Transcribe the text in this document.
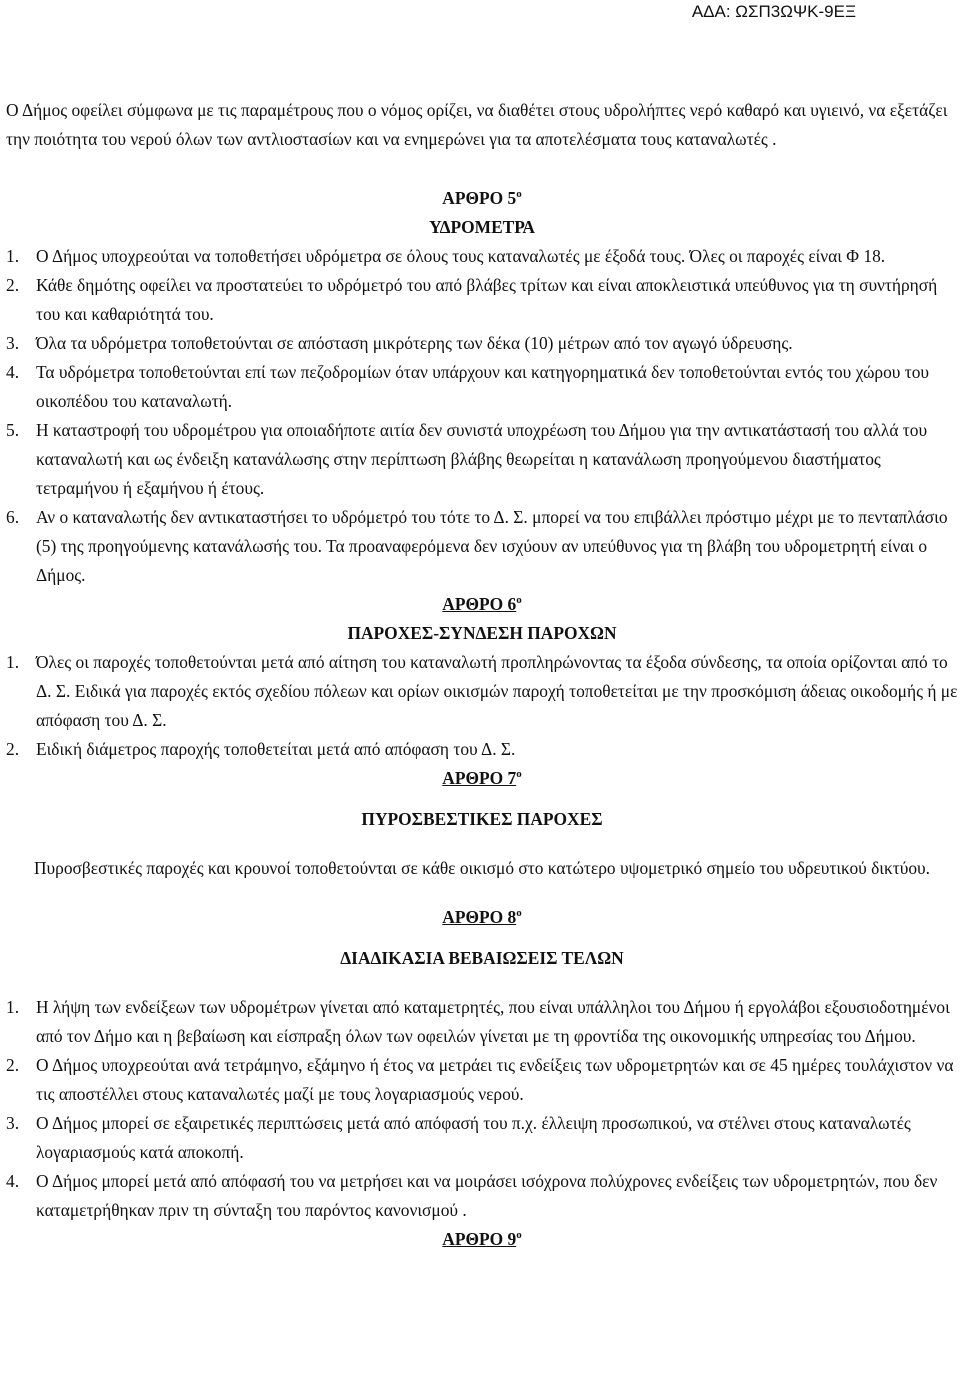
ΑΔΑ: ΩΣΠ3ΩΨΚ-9ΕΞ

Ο Δήμος οφείλει σύμφωνα με τις παραμέτρους που ο νόμος ορίζει, να διαθέτει στους υδρολήπτες νερό καθαρό και υγιεινό, να εξετάζει την ποιότητα του νερού όλων των αντλιοστασίων και να ενημερώνει για τα αποτελέσματα τους καταναλωτές .

ΑΡΘΡΟ $5^o$

ΥΔΡΟΜΕΤΡΑ

1. Ο Δήμος υποχρεούται να τοποθετήσει υδρόμετρα σε όλους τους καταναλωτές με έξοδά τους. Όλες οι παροχές είναι Φ 18.
2. Κάθε δημότης οφείλει να προστατεύει το υδρόμετρό του από βλάβες τρίτων και είναι αποκλειστικά υπεύθυνος για τη συντήρησή του και καθαριότητά του.
3. Όλα τα υδρόμετρα τοποθετούνται σε απόσταση μικρότερης των δέκα (10) μέτρων από τον αγωγό ύδρευσης.
4. Τα υδρόμετρα τοποθετούνται επί των πεζοδρομίων όταν υπάρχουν και κατηγορηματικά δεν τοποθετούνται εντός του χώρου του οικοπέδου του καταναλωτή.
5. Η καταστροφή του υδρομέτρου για οποιαδήποτε αιτία δεν συνιστά υποχρέωση του Δήμου για την αντικατάστασή του αλλά του καταναλωτή και ως ένδειξη κατανάλωσης στην περίπτωση βλάβης θεωρείται η κατανάλωση προηγούμενου διαστήματος τετραμήνου ή εξαμήνου ή έτους.
6. Αν ο καταναλωτής δεν αντικαταστήσει το υδρόμετρό του τότε το Δ. Σ. μπορεί να του επιβάλλει πρόστιμο μέχρι με το πενταπλάσιο (5) της προηγούμενης κατανάλωσής του. Τα προαναφερόμενα δεν ισχύουν αν υπεύθυνος για τη βλάβη του υδρομετρητή είναι ο Δήμος.

ΑΡΘΡΟ $6^o$

ΠΑΡΟΧΕΣ-ΣΥΝΔΕΣΗ ΠΑΡΟΧΩΝ

1. Όλες οι παροχές τοποθετούνται μετά από αίτηση του καταναλωτή προπληρώνοντας τα έξοδα σύνδεσης, τα οποία ορίζονται από το Δ. Σ. Ειδικά για παροχές εκτός σχεδίου πόλεων και ορίων οικισμών παροχή τοποθετείται με την προσκόμιση άδειας οικοδομής ή με απόφαση του Δ. Σ.
2. Ειδική διάμετρος παροχής τοποθετείται μετά από απόφαση του Δ. Σ.

ΑΡΘΡΟ $7^o$

ΠΥΡΟΣΒΕΣΤΙΚΕΣ ΠΑΡΟΧΕΣ

Πυροσβεστικές παροχές και κρουνοί τοποθετούνται σε κάθε οικισμό στο κατώτερο υψομετρικό σημείο του υδρευτικού δικτύου.

ΑΡΘΡΟ $8^o$

ΔΙΑΔΙΚΑΣΙΑ ΒΕΒΑΙΩΣΕΙΣ ΤΕΛΩΝ

1. Η λήψη των ενδείξεων των υδρομέτρων γίνεται από καταμετρητές, που είναι υπάλληλοι του Δήμου ή εργολάβοι εξουσιοδοτημένοι από τον Δήμο και η βεβαίωση και είσπραξη όλων των οφειλών γίνεται με τη φροντίδα της οικονομικής υπηρεσίας του Δήμου.
2. Ο Δήμος υποχρεούται ανά τετράμηνο, εξάμηνο ή έτος να μετράει τις ενδείξεις των υδρομετρητών και σε 45 ημέρες τουλάχιστον να τις αποστέλλει στους καταναλωτές μαζί με τους λογαριασμούς νερού.
3. Ο Δήμος μπορεί σε εξαιρετικές περιπτώσεις μετά από απόφασή του π.χ. έλλειψη προσωπικού, να στέλνει στους καταναλωτές λογαριασμούς κατά αποκοπή.
4. Ο Δήμος μπορεί μετά από απόφασή του να μετρήσει και να μοιράσει ισόχρονα πολύχρονες ενδείξεις των υδρομετρητών, που δεν καταμετρήθηκαν πριν τη σύνταξη του παρόντος κανονισμού .

ΑΡΘΡΟ $9^o$
